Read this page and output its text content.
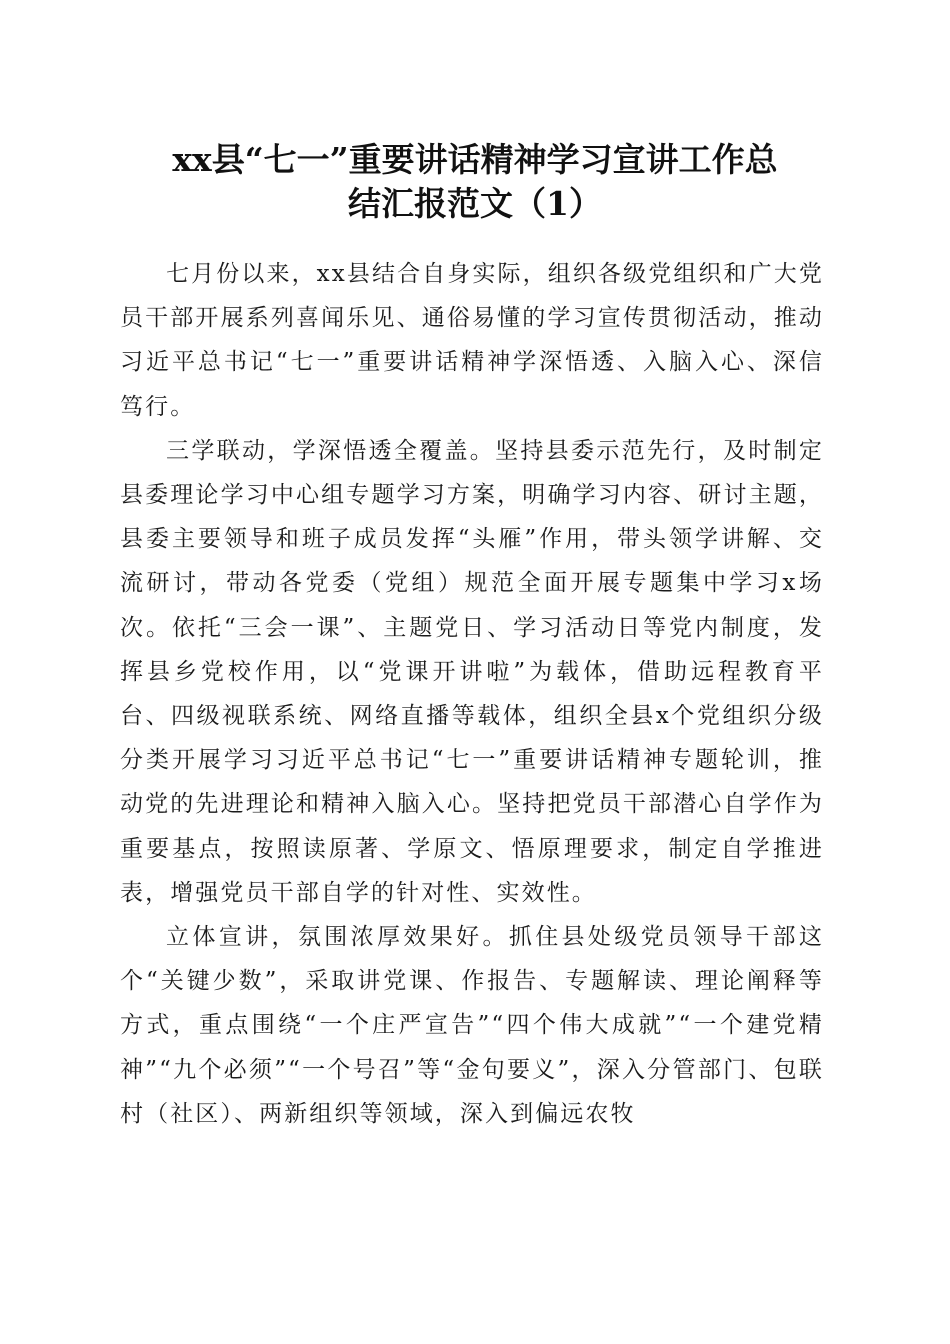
xx县“七一”重要讲话精神学习宣讲工作总
结汇报范文（1）

七月份以来，xx县结合自身实际，组织各级党组织和广大党员干部开展系列喜闻乐见、通俗易懂的学习宣传贯彻活动，推动习近平总书记“七一”重要讲话精神学深悟透、入脑入心、深信笃行。

三学联动，学深悟透全覆盖。坚持县委示范先行，及时制定县委理论学习中心组专题学习方案，明确学习内容、研讨主题，县委主要领导和班子成员发挥“头雁”作用，带头领学讲解、交流研讨，带动各党委（党组）规范全面开展专题集中学习x场次。依托“三会一课”、主题党日、学习活动日等党内制度，发挥县乡党校作用，以“党课开讲啦”为载体，借助远程教育平台、四级视联系统、网络直播等载体，组织全县x个党组织分级分类开展学习习近平总书记“七一”重要讲话精神专题轮训，推动党的先进理论和精神入脑入心。坚持把党员干部潜心自学作为重要基点，按照读原著、学原文、悟原理要求，制定自学推进表，增强党员干部自学的针对性、实效性。

立体宣讲，氛围浓厚效果好。抓住县处级党员领导干部这个“关键少数”，采取讲党课、作报告、专题解读、理论阐释等方式，重点围绕“一个庄严宣告”“四个伟大成就”“一个建党精神”“九个必须”“一个号召”等“金句要义”，深入分管部门、包联村（社区）、两新组织等领域，深入到偏远农牧
